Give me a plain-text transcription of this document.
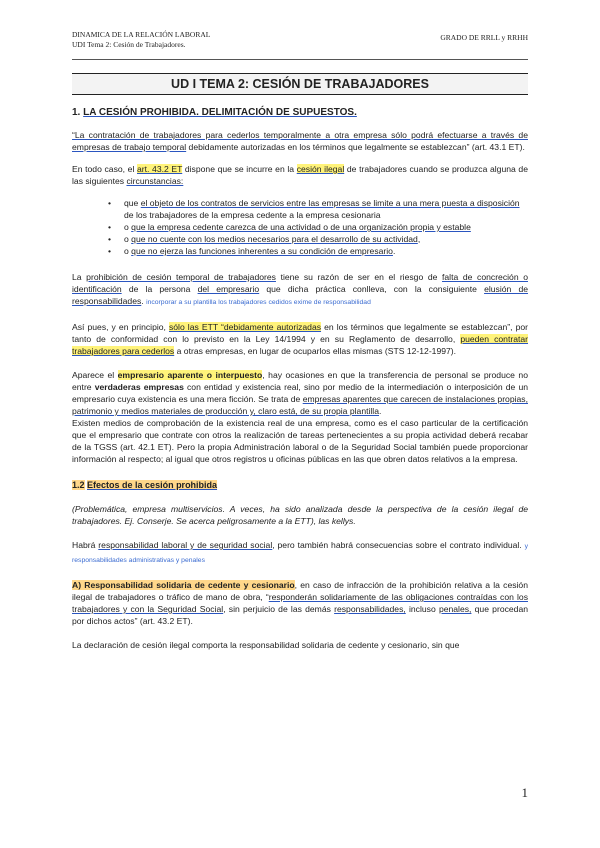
DINAMICA DE LA RELACIÓN LABORAL
UDI Tema 2: Cesión de Trabajadores.
GRADO DE RRLL y RRHH
UD I TEMA 2: CESIÓN DE TRABAJADORES
1. LA CESIÓN PROHIBIDA. DELIMITACIÓN DE SUPUESTOS.

“La contratación de trabajadores para cederlos temporalmente a otra empresa sólo podrá efectuarse a través de empresas de trabajo temporal debidamente autorizadas en los términos que legalmente se establezcan” (art. 43.1 ET).

En todo caso, el art. 43.2 ET dispone que se incurre en la cesión ilegal de trabajadores cuando se produzca alguna de las siguientes circunstancias:

• que el objeto de los contratos de servicios entre las empresas se limite a una mera puesta a disposición de los trabajadores de la empresa cedente a la empresa cesionaria
• o que la empresa cedente carezca de una actividad o de una organización propia y estable
• o que no cuente con los medios necesarios para el desarrollo de su actividad,
• o que no ejerza las funciones inherentes a su condición de empresario.

La prohibición de cesión temporal de trabajadores tiene su razón de ser en el riesgo de falta de concreción o identificación de la persona del empresario que dicha práctica conlleva, con la consiguiente elusión de responsabilidades. incorporar a su plantilla los trabajadores cedidos exime de responsabilidad

Así pues, y en principio, sólo las ETT “debidamente autorizadas en los términos que legalmente se establezcan”, por tanto de conformidad con lo previsto en la Ley 14/1994 y en su Reglamento de desarrollo, pueden contratar trabajadores para cederlos a otras empresas, en lugar de ocuparlos ellas mismas (STS 12-12-1997).

Aparece el empresario aparente o interpuesto, hay ocasiones en que la transferencia de personal se produce no entre verdaderas empresas con entidad y existencia real, sino por medio de la intermediación o interposición de un empresario cuya existencia es una mera ficción. Se trata de empresas aparentes que carecen de instalaciones propias, patrimonio y medios materiales de producción y, claro está, de su propia plantilla.

Existen medios de comprobación de la existencia real de una empresa, como es el caso particular de la certificación que el empresario que contrate con otros la realización de tareas pertenecientes a su propia actividad deberá recabar de la TGSS (art. 42.1 ET). Pero la propia Administración laboral o de la Seguridad Social también puede proporcionar información al respecto; al igual que otros registros u oficinas públicas en las que obren datos relativos a la empresa.

1.2 Efectos de la cesión prohibida

(Problemática, empresa multiservicios. A veces, ha sido analizada desde la perspectiva de la cesión ilegal de trabajadores. Ej. Conserje. Se acerca peligrosamente a la ETT), las kellys.

Habrá responsabilidad laboral y de seguridad social, pero también habrá consecuencias sobre el contrato individual. y responsabilidades administrativas y penales

A) Responsabilidad solidaria de cedente y cesionario, en caso de infracción de la prohibición relativa a la cesión ilegal de trabajadores o tráfico de mano de obra, “responderán solidariamente de las obligaciones contraídas con los trabajadores y con la Seguridad Social, sin perjuicio de las demás responsabilidades, incluso penales, que procedan por dichos actos” (art. 43.2 ET).

La declaración de cesión ilegal comporta la responsabilidad solidaria de cedente y cesionario, sin que

1
